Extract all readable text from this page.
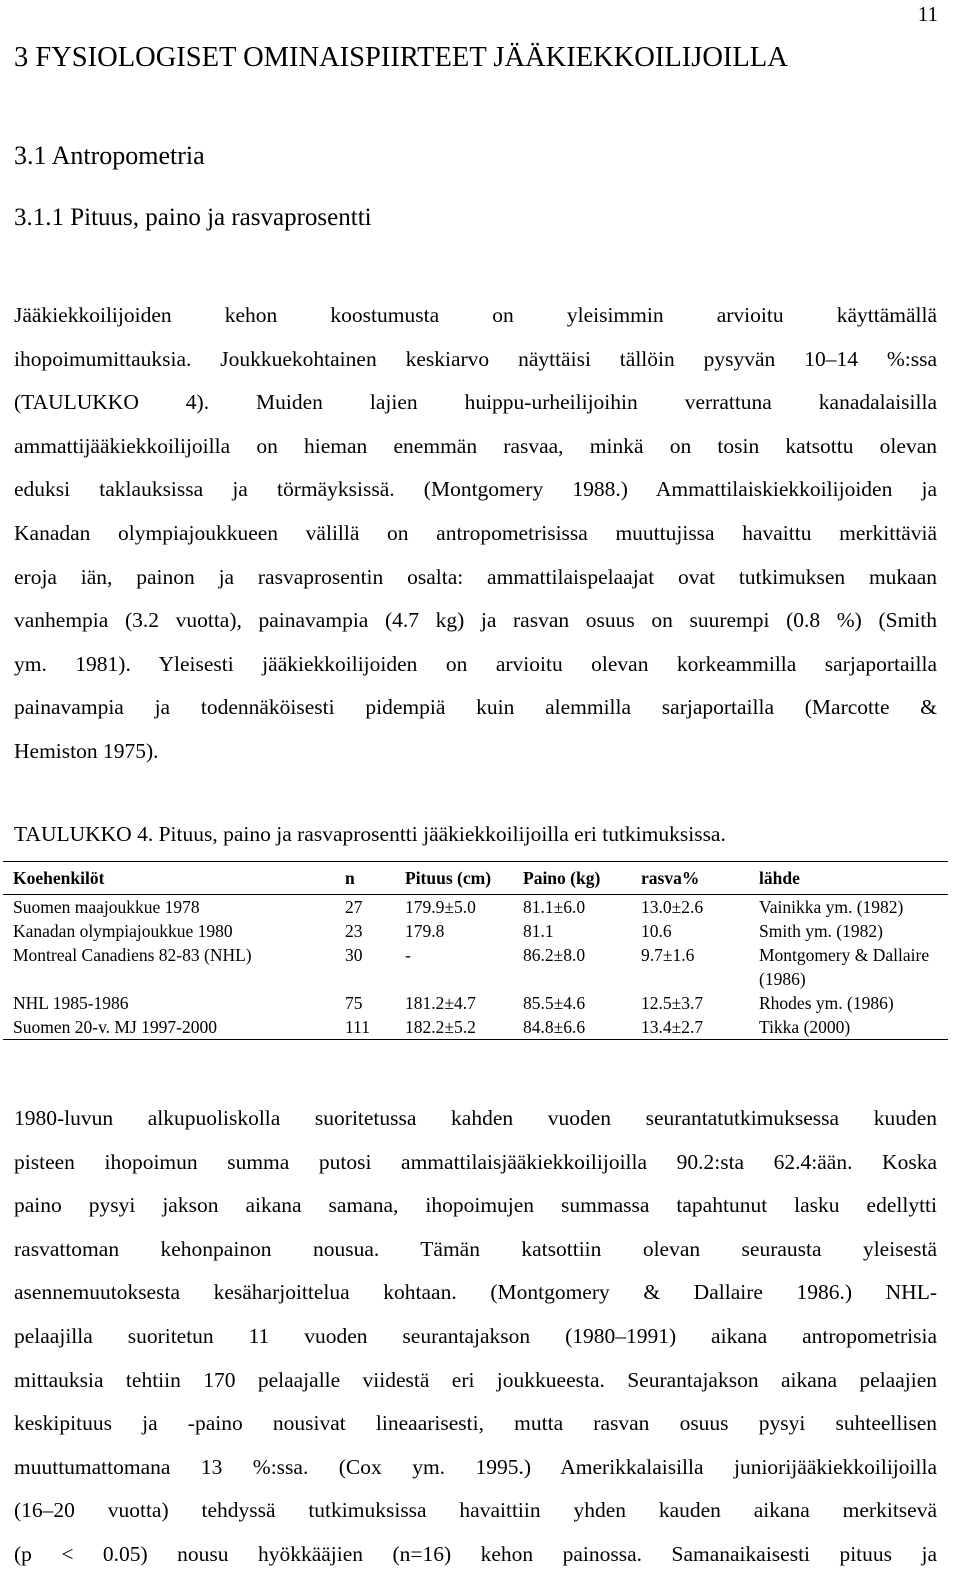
11
3 FYSIOLOGISET OMINAISPIIRTEET JÄÄKIEKKOILIJOILLA
3.1 Antropometria
3.1.1 Pituus, paino ja rasvaprosentti
Jääkiekkoilijoiden kehon koostumusta on yleisimmin arvioitu käyttämällä
ihopoimumittauksia. Joukkuekohtainen keskiarvo näyttäisi tällöin pysyvän 10–14 %:ssa
(TAULUKKO 4). Muiden lajien huippu-urheilijoihin verrattuna kanadalaisilla
ammattijääkiekkoilijoilla on hieman enemmän rasvaa, minkä on tosin katsottu olevan
eduksi taklauksissa ja törmäyksissä. (Montgomery 1988.) Ammattilaiskiekkoilijoiden ja
Kanadan olympiajoukkueen välillä on antropometrisissa muuttujissa havaittu merkittäviä
eroja iän, painon ja rasvaprosentin osalta: ammattilaispelaajat ovat tutkimuksen mukaan
vanhempia (3.2 vuotta), painavampia (4.7 kg) ja rasvan osuus on suurempi (0.8 %) (Smith
ym. 1981). Yleisesti jääkiekkoilijoiden on arvioitu olevan korkeammilla sarjaportailla
painavampia ja todennäköisesti pidempiä kuin alemmilla sarjaportailla (Marcotte &
Hemiston 1975).
TAULUKKO 4. Pituus, paino ja rasvaprosentti jääkiekkoilijoilla eri tutkimuksissa.
Koehenkilöt	n	Pituus (cm)	Paino (kg)	rasva%	lähde
Suomen maajoukkue 1978	27	179.9±5.0	81.1±6.0	13.0±2.6	Vainikka ym. (1982)
Kanadan olympiajoukkue 1980	23	179.8	81.1	10.6	Smith ym. (1982)
Montreal Canadiens 82-83 (NHL)	30	-	86.2±8.0	9.7±1.6	Montgomery & Dallaire (1986)
NHL 1985-1986	75	181.2±4.7	85.5±4.6	12.5±3.7	Rhodes ym. (1986)
Suomen 20-v. MJ 1997-2000	111	182.2±5.2	84.8±6.6	13.4±2.7	Tikka (2000)
1980-luvun alkupuoliskolla suoritetussa kahden vuoden seurantatutkimuksessa kuuden
pisteen ihopoimun summa putosi ammattilaisjääkiekkoilijoilla 90.2:sta 62.4:ään. Koska
paino pysyi jakson aikana samana, ihopoimujen summassa tapahtunut lasku edellytti
rasvattoman kehonpainon nousua. Tämän katsottiin olevan seurausta yleisestä
asennemuutoksesta kesäharjoittelua kohtaan. (Montgomery & Dallaire 1986.) NHL-
pelaajilla suoritetun 11 vuoden seurantajakson (1980–1991) aikana antropometrisia
mittauksia tehtiin 170 pelaajalle viidestä eri joukkueesta. Seurantajakson aikana pelaajien
keskipituus ja -paino nousivat lineaarisesti, mutta rasvan osuus pysyi suhteellisen
muuttumattomana 13 %:ssa. (Cox ym. 1995.) Amerikkalaisilla juniorijääkiekkoilijoilla
(16–20 vuotta) tehdyssä tutkimuksissa havaittiin yhden kauden aikana merkitsevä
(p < 0.05) nousu hyökkääjien (n=16) kehon painossa. Samanaikaisesti pituus ja
